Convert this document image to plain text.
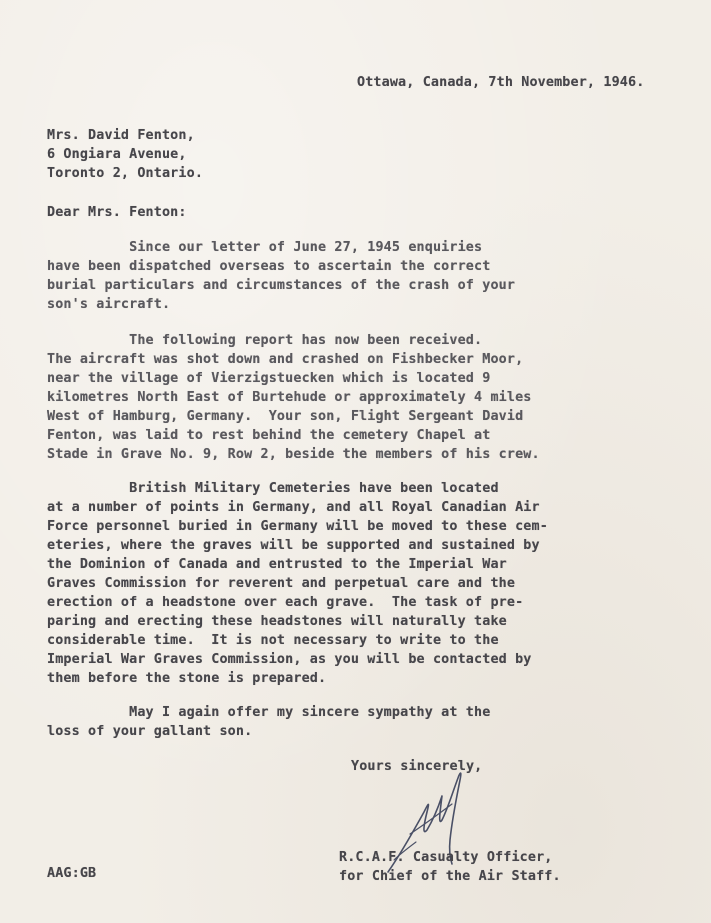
Ottawa, Canada, 7th November, 1946.
Mrs. David Fenton,
6 Ongiara Avenue,
Toronto 2, Ontario.
Dear Mrs. Fenton:
Since our letter of June 27, 1945 enquiries
have been dispatched overseas to ascertain the correct
burial particulars and circumstances of the crash of your
son's aircraft.
The following report has now been received.
The aircraft was shot down and crashed on Fishbecker Moor,
near the village of Vierzigstuecken which is located 9
kilometres North East of Burtehude or approximately 4 miles
West of Hamburg, Germany.  Your son, Flight Sergeant David
Fenton, was laid to rest behind the cemetery Chapel at
Stade in Grave No. 9, Row 2, beside the members of his crew.
British Military Cemeteries have been located
at a number of points in Germany, and all Royal Canadian Air
Force personnel buried in Germany will be moved to these cem-
eteries, where the graves will be supported and sustained by
the Dominion of Canada and entrusted to the Imperial War
Graves Commission for reverent and perpetual care and the
erection of a headstone over each grave.  The task of pre-
paring and erecting these headstones will naturally take
considerable time.  It is not necessary to write to the
Imperial War Graves Commission, as you will be contacted by
them before the stone is prepared.
May I again offer my sincere sympathy at the
loss of your gallant son.
Yours sincerely,
R.C.A.F. Casualty Officer,
for Chief of the Air Staff.
AAG:GB
